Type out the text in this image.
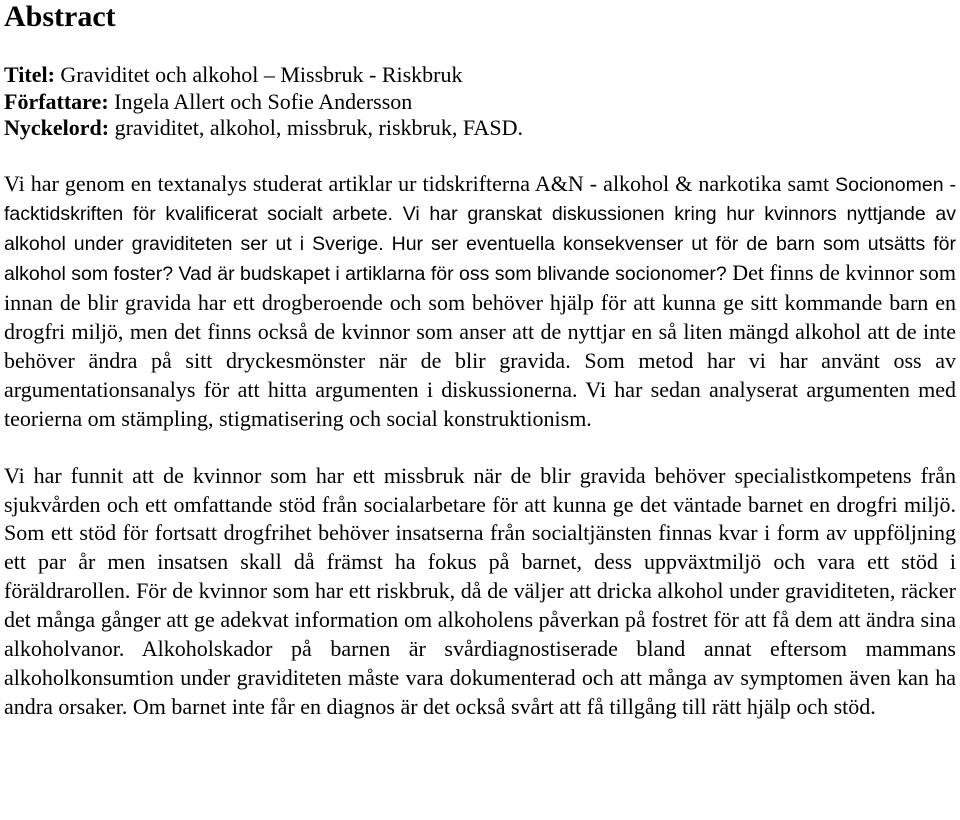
Abstract
Titel: Graviditet och alkohol – Missbruk - Riskbruk
Författare: Ingela Allert och Sofie Andersson
Nyckelord: graviditet, alkohol, missbruk, riskbruk, FASD.

Vi har genom en textanalys studerat artiklar ur tidskrifterna A&N - alkohol & narkotika samt Socionomen - facktidskriften för kvalificerat socialt arbete. Vi har granskat diskussionen kring hur kvinnors nyttjande av alkohol under graviditeten ser ut i Sverige. Hur ser eventuella konsekvenser ut för de barn som utsätts för alkohol som foster? Vad är budskapet i artiklarna för oss som blivande socionomer? Det finns de kvinnor som innan de blir gravida har ett drogberoende och som behöver hjälp för att kunna ge sitt kommande barn en drogfri miljö, men det finns också de kvinnor som anser att de nyttjar en så liten mängd alkohol att de inte behöver ändra på sitt dryckesmönster när de blir gravida. Som metod har vi har använt oss av argumentationsanalys för att hitta argumenten i diskussionerna. Vi har sedan analyserat argumenten med teorierna om stämpling, stigmatisering och social konstruktionism.

Vi har funnit att de kvinnor som har ett missbruk när de blir gravida behöver specialistkompetens från sjukvården och ett omfattande stöd från socialarbetare för att kunna ge det väntade barnet en drogfri miljö. Som ett stöd för fortsatt drogfrihet behöver insatserna från socialtjänsten finnas kvar i form av uppföljning ett par år men insatsen skall då främst ha fokus på barnet, dess uppväxtmiljö och vara ett stöd i föräldrarollen. För de kvinnor som har ett riskbruk, då de väljer att dricka alkohol under graviditeten, räcker det många gånger att ge adekvat information om alkoholens påverkan på fostret för att få dem att ändra sina alkoholvanor. Alkoholskador på barnen är svårdiagnostiserade bland annat eftersom mammans alkoholkonsumtion under graviditeten måste vara dokumenterad och att många av symptomen även kan ha andra orsaker. Om barnet inte får en diagnos är det också svårt att få tillgång till rätt hjälp och stöd.
